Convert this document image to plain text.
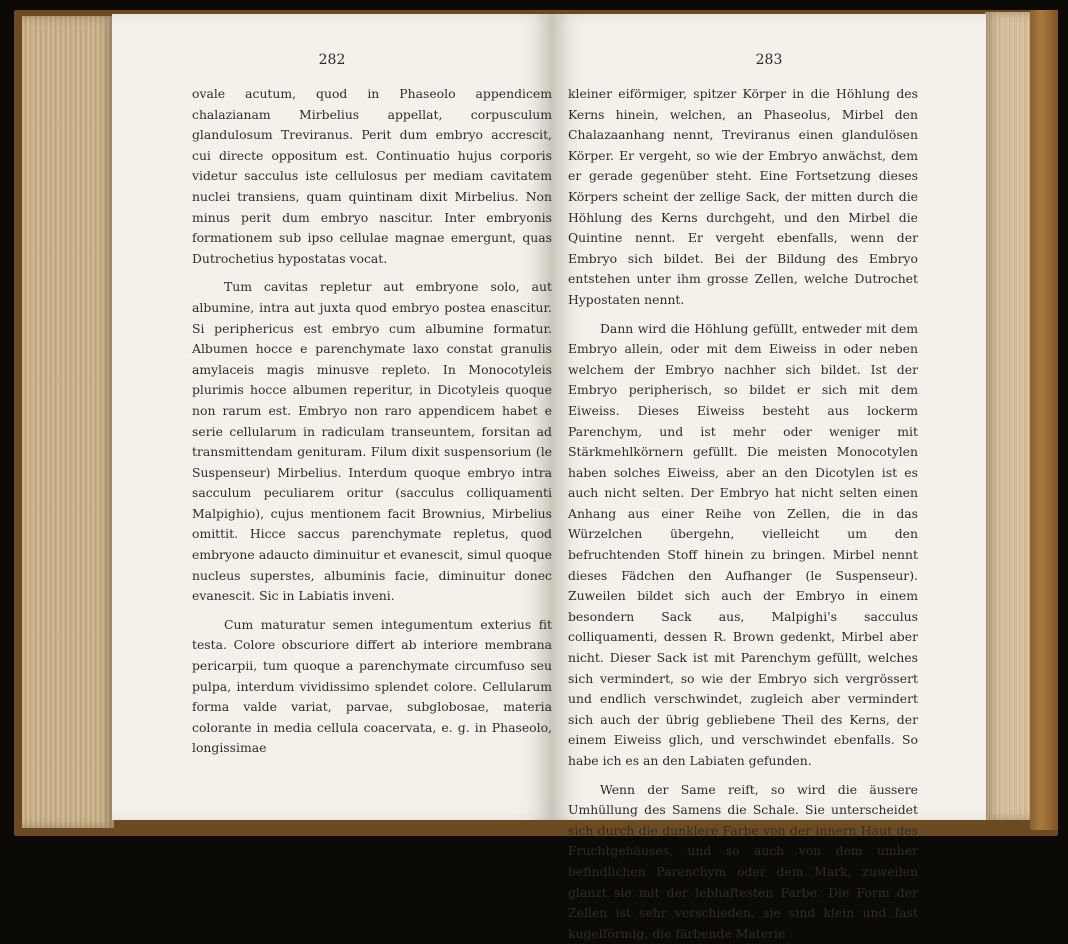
282

ovale acutum, quod in Phaseolo appendicem chalazianam Mirbelius appellat, corpusculum glandulosum Treviranus. Perit dum embryo accrescit, cui directe oppositum est. Continuatio hujus corporis videtur sacculus iste cellulosus per mediam cavitatem nuclei transiens, quam quintinam dixit Mirbelius. Non minus perit dum embryo nascitur. Inter embryonis formationem sub ipso cellulae magnae emergunt, quas Dutrochetius hypostatas vocat.

Tum cavitas repletur aut embryone solo, aut albumine, intra aut juxta quod embryo postea enascitur. Si periphericus est embryo cum albumine formatur. Albumen hocce e parenchymate laxo constat granulis amylaceis magis minusve repleto. In Monocotyleis plurimis hocce albumen reperitur, in Dicotyleis quoque non rarum est. Embryo non raro appendicem habet e serie cellularum in radiculam transeuntem, forsitan ad transmittendam genituram. Filum dixit suspensorium (le Suspenseur) Mirbelius. Interdum quoque embryo intra sacculum peculiarem oritur (sacculus colliquamenti Malpighio), cujus mentionem facit Brownius, Mirbelius omittit. Hicce saccus parenchymate repletus, quod embryone adaucto diminuitur et evanescit, simul quoque nucleus superstes, albuminis facie, diminuitur donec evanescit. Sic in Labiatis inveni.

Cum maturatur semen integumentum exterius fit testa. Colore obscuriore differt ab interiore membrana pericarpii, tum quoque a parenchymate circumfuso seu pulpa, interdum vividissimo splendet colore. Cellularum forma valde variat, parvae, subglobosae, materia colorante in media cellula coacervata, e. g. in Phaseolo, longissimae

283

kleiner eiförmiger, spitzer Körper in die Höhlung des Kerns hinein, welchen, an Phaseolus, Mirbel den Chalazaanhang nennt, Treviranus einen glandulösen Körper. Er vergeht, so wie der Embryo anwächst, dem er gerade gegenüber steht. Eine Fortsetzung dieses Körpers scheint der zellige Sack, der mitten durch die Höhlung des Kerns durchgeht, und den Mirbel die Quintine nennt. Er vergeht ebenfalls, wenn der Embryo sich bildet. Bei der Bildung des Embryo entstehen unter ihm grosse Zellen, welche Dutrochet Hypostaten nennt.

Dann wird die Höhlung gefüllt, entweder mit dem Embryo allein, oder mit dem Eiweiss in oder neben welchem der Embryo nachher sich bildet. Ist der Embryo peripherisch, so bildet er sich mit dem Eiweiss. Dieses Eiweiss besteht aus lockerm Parenchym, und ist mehr oder weniger mit Stärkmehlkörnern gefüllt. Die meisten Monocotylen haben solches Eiweiss, aber an den Dicotylen ist es auch nicht selten. Der Embryo hat nicht selten einen Anhang aus einer Reihe von Zellen, die in das Würzelchen übergehn, vielleicht um den befruchtenden Stoff hinein zu bringen. Mirbel nennt dieses Fädchen den Aufhanger (le Suspenseur). Zuweilen bildet sich auch der Embryo in einem besondern Sack aus, Malpighi's sacculus colliquamenti, dessen R. Brown gedenkt, Mirbel aber nicht. Dieser Sack ist mit Parenchym gefüllt, welches sich vermindert, so wie der Embryo sich vergrössert und endlich verschwindet, zugleich aber vermindert sich auch der übrig gebliebene Theil des Kerns, der einem Eiweiss glich, und verschwindet ebenfalls. So habe ich es an den Labiaten gefunden.

Wenn der Same reift, so wird die äussere Umhüllung des Samens die Schale. Sie unterscheidet sich durch die dunklere Farbe von der innern Haut des Fruchtgehäuses, und so auch von dem umher befindlichen Parenchym oder dem Mark, zuweilen glanzt sie mit der lebhaftesten Farbe. Die Form der Zellen ist sehr verschieden, sie sind klein und fast kugelförmig, die färbende Materie
